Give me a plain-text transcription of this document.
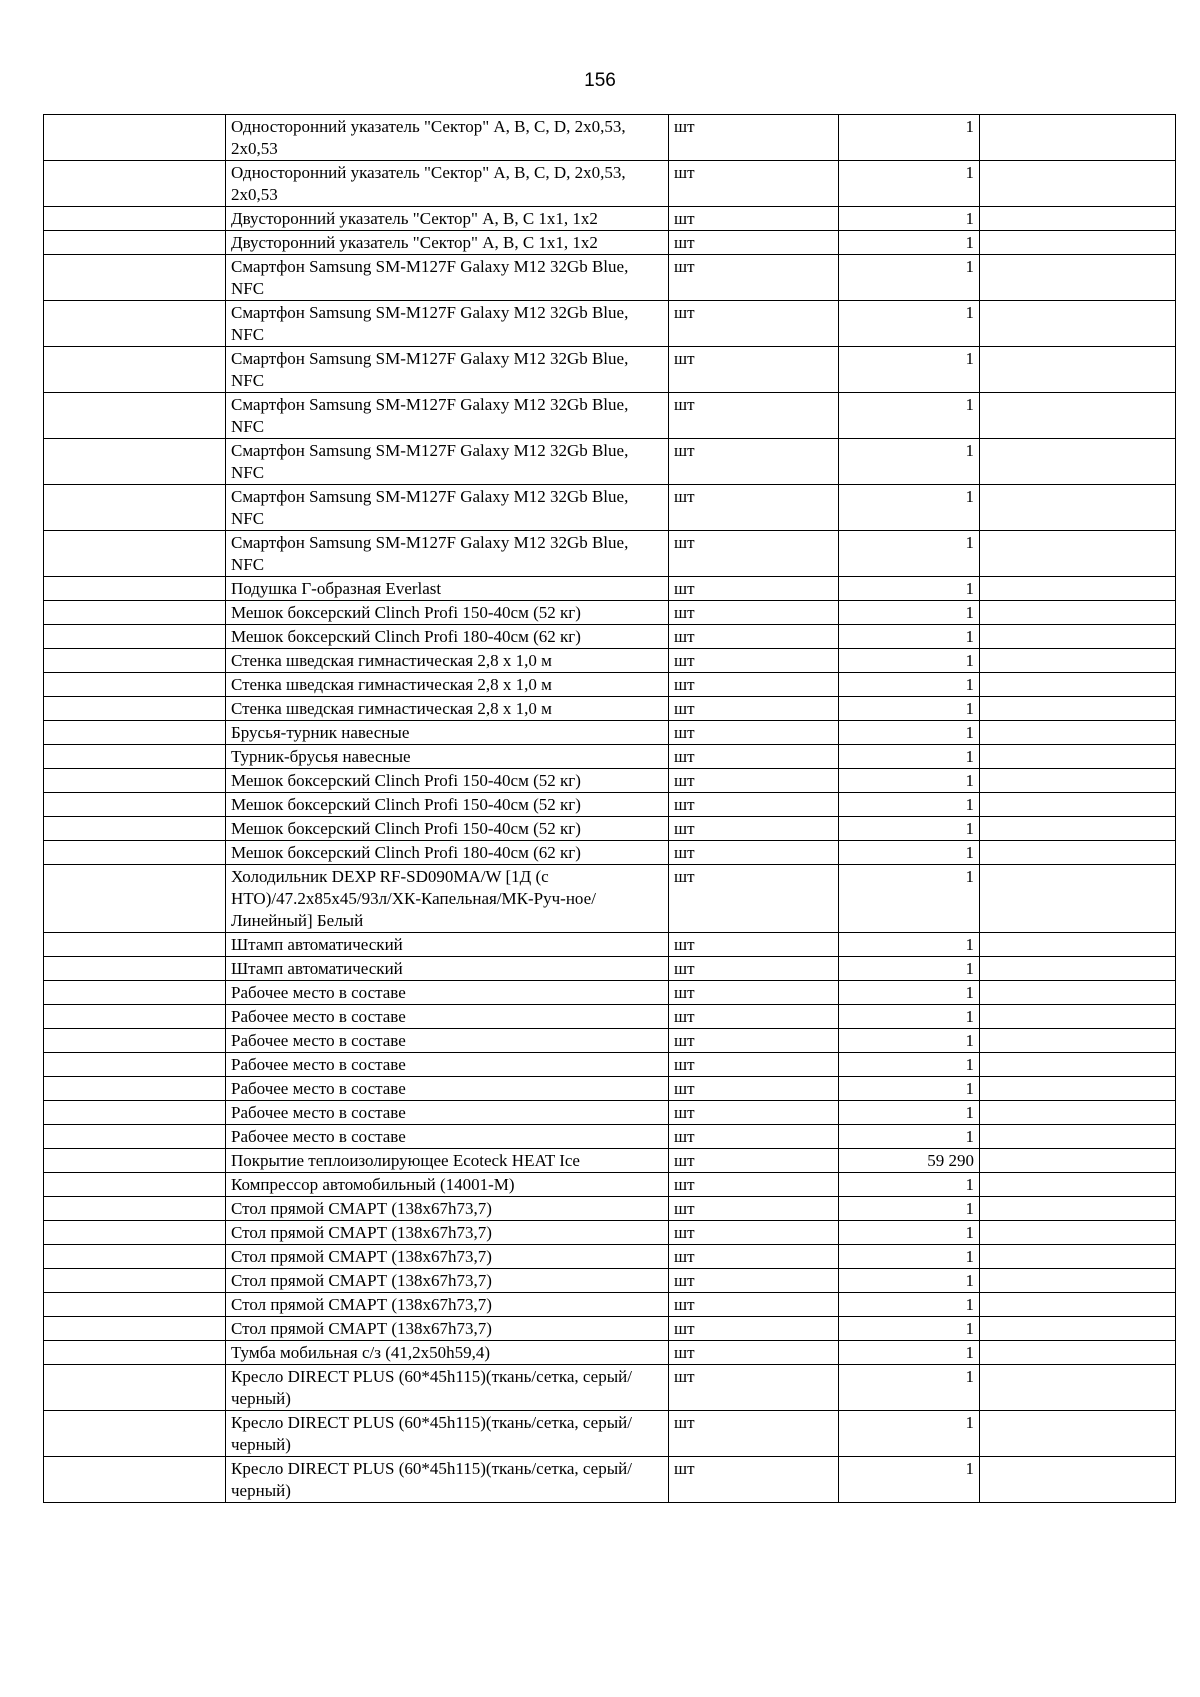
156
	Односторонний указатель "Сектор" A, B, C, D, 2x0,53, 2x0,53	шт	1	
	Односторонний указатель "Сектор" A, B, C, D, 2x0,53, 2x0,53	шт	1	
	Двусторонний указатель "Сектор" A, B, C 1x1, 1x2	шт	1	
	Двусторонний указатель "Сектор" A, B, C 1x1, 1x2	шт	1	
	Смартфон Samsung SM-M127F Galaxy M12 32Gb Blue, NFC	шт	1	
	Смартфон Samsung SM-M127F Galaxy M12 32Gb Blue, NFC	шт	1	
	Смартфон Samsung SM-M127F Galaxy M12 32Gb Blue, NFC	шт	1	
	Смартфон Samsung SM-M127F Galaxy M12 32Gb Blue, NFC	шт	1	
	Смартфон Samsung SM-M127F Galaxy M12 32Gb Blue, NFC	шт	1	
	Смартфон Samsung SM-M127F Galaxy M12 32Gb Blue, NFC	шт	1	
	Смартфон Samsung SM-M127F Galaxy M12 32Gb Blue, NFC	шт	1	
	Подушка Г-образная Everlast	шт	1	
	Мешок боксерский Clinch Profi 150-40см (52 кг)	шт	1	
	Мешок боксерский Clinch Profi 180-40см (62 кг)	шт	1	
	Стенка шведская гимнастическая 2,8 х 1,0 м	шт	1	
	Стенка шведская гимнастическая 2,8 х 1,0 м	шт	1	
	Стенка шведская гимнастическая 2,8 х 1,0 м	шт	1	
	Брусья-турник навесные	шт	1	
	Турник-брусья навесные	шт	1	
	Мешок боксерский Clinch Profi 150-40см (52 кг)	шт	1	
	Мешок боксерский Clinch Profi 150-40см (52 кг)	шт	1	
	Мешок боксерский Clinch Profi 150-40см (52 кг)	шт	1	
	Мешок боксерский Clinch Profi 180-40см (62 кг)	шт	1	
	Холодильник DEXP RF-SD090MA/W [1Д (с НТО)/47.2x85x45/93л/ХК-Капельная/МК-Руч-ное/Линейный] Белый	шт	1	
	Штамп автоматический	шт	1	
	Штамп автоматический	шт	1	
	Рабочее место в составе	шт	1	
	Рабочее место в составе	шт	1	
	Рабочее место в составе	шт	1	
	Рабочее место в составе	шт	1	
	Рабочее место в составе	шт	1	
	Рабочее место в составе	шт	1	
	Рабочее место в составе	шт	1	
	Покрытие теплоизолирующее Ecoteck HEAT Ice	шт	59 290	
	Компрессор автомобильный (14001-М)	шт	1	
	Стол прямой СМАРТ (138х67h73,7)	шт	1	
	Стол прямой СМАРТ (138х67h73,7)	шт	1	
	Стол прямой СМАРТ (138х67h73,7)	шт	1	
	Стол прямой СМАРТ (138х67h73,7)	шт	1	
	Стол прямой СМАРТ (138х67h73,7)	шт	1	
	Стол прямой СМАРТ (138х67h73,7)	шт	1	
	Тумба мобильная с/з (41,2х50h59,4)	шт	1	
	Кресло DIRECT PLUS (60*45h115)(ткань/сетка, серый/черный)	шт	1	
	Кресло DIRECT PLUS (60*45h115)(ткань/сетка, серый/черный)	шт	1	
	Кресло DIRECT PLUS (60*45h115)(ткань/сетка, серый/черный)	шт	1	
